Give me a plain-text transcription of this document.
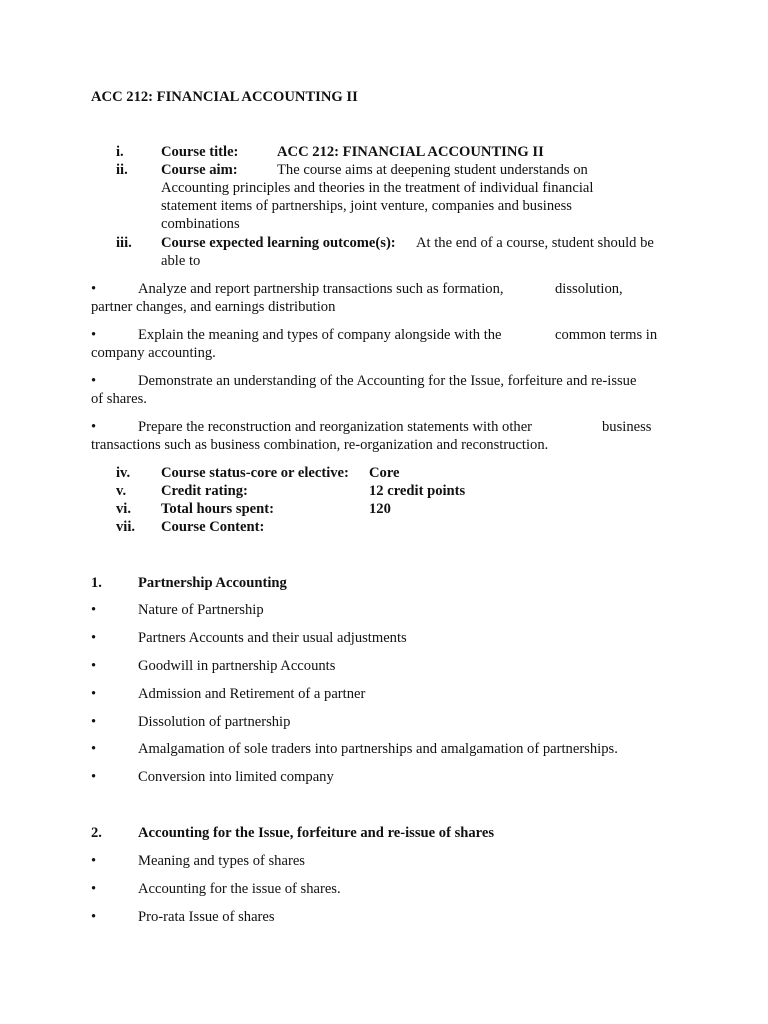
ACC 212: FINANCIAL ACCOUNTING II
i.	Course title:	ACC 212: FINANCIAL ACCOUNTING II
ii. Course aim:	The course aims at deepening student understands on
Accounting principles and theories in the treatment of individual financial statement items of partnerships, joint venture, companies and business combinations
iii. Course expected learning outcome(s): At the end of a course, student should be
able to
•	Analyze and report partnership transactions such as formation,	dissolution,
partner changes, and earnings distribution
•	Explain the meaning and types of company alongside with the	common terms in
company accounting.
•	Demonstrate an understanding of the Accounting for the Issue, forfeiture and re-issue
of shares.
•	Prepare the reconstruction and reorganization statements with other	business
transactions such as business combination, re-organization and reconstruction.
iv. Course status-core or elective: Core
v. Credit rating:	12 credit points
vi. Total hours spent:	120
vii. Course Content:
1. Partnership Accounting
•	Nature of Partnership
•	Partners Accounts and their usual adjustments
•	Goodwill in partnership Accounts
•	Admission and Retirement of a partner
•	Dissolution of partnership
•	Amalgamation of sole traders into partnerships and amalgamation of partnerships.
•	Conversion into limited company
2. Accounting for the Issue, forfeiture and re-issue of shares
•	Meaning and types of shares
•	Accounting for the issue of shares.
•	Pro-rata Issue of shares
